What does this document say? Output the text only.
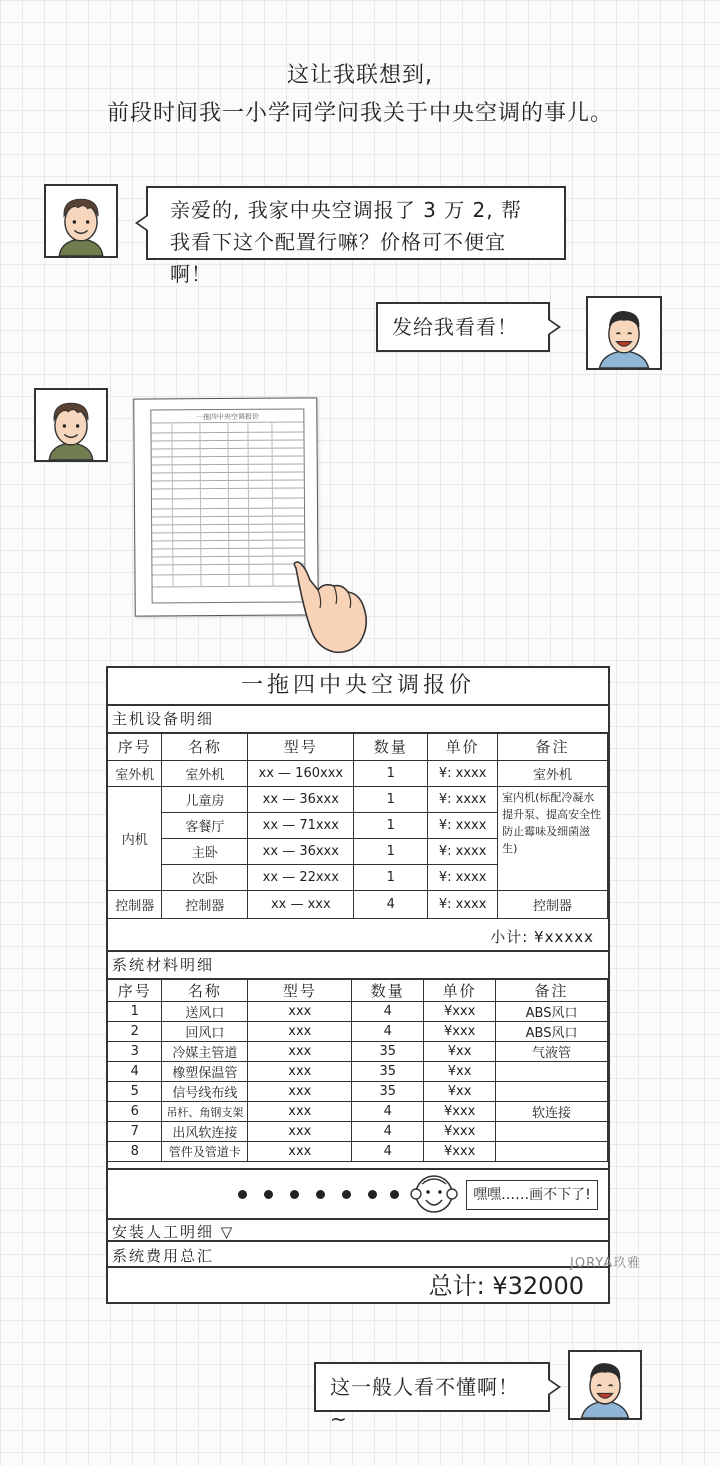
这让我联想到,
前段时间我一小学同学问我关于中央空调的事儿。
亲爱的, 我家中央空调报了 3 万 2, 帮我看下这个配置行嘛？价格可不便宜啊！
发给我看看！
一拖四中央空调报价
一拖四中央空调报价
主机设备明细
序号	名称	型号	数量	单价	备注
室外机	室外机	xx — 160xxx	1	¥: xxxx	室外机
内机	儿童房	xx — 36xxx	1	¥: xxxx	室内机(标配冷凝水提升泵、提高安全性防止霉味及细菌滋生)
	客餐厅	xx — 71xxx	1	¥: xxxx	
	主卧	xx — 36xxx	1	¥: xxxx	
	次卧	xx — 22xxx	1	¥: xxxx	
控制器	控制器	xx — xxx	4	¥: xxxx	控制器
小计: ¥xxxxx
系统材料明细
序号	名称	型号	数量	单价	备注
1	送风口	xxx	4	¥xxx	ABS风口
2	回风口	xxx	4	¥xxx	ABS风口
3	冷媒主管道	xxx	35	¥xx	气液管
4	橡塑保温管	xxx	35	¥xx	
5	信号线布线	xxx	35	¥xx	
6	吊杆、角钢支架	xxx	4	¥xxx	软连接
7	出风软连接	xxx	4	¥xxx	
8	管件及管道卡	xxx	4	¥xxx	
安装人工明细 ▽
系统费用总汇
总计: ¥32000
嘿嘿……画不下了!
JORYA玖雅
这一般人看不懂啊！~
